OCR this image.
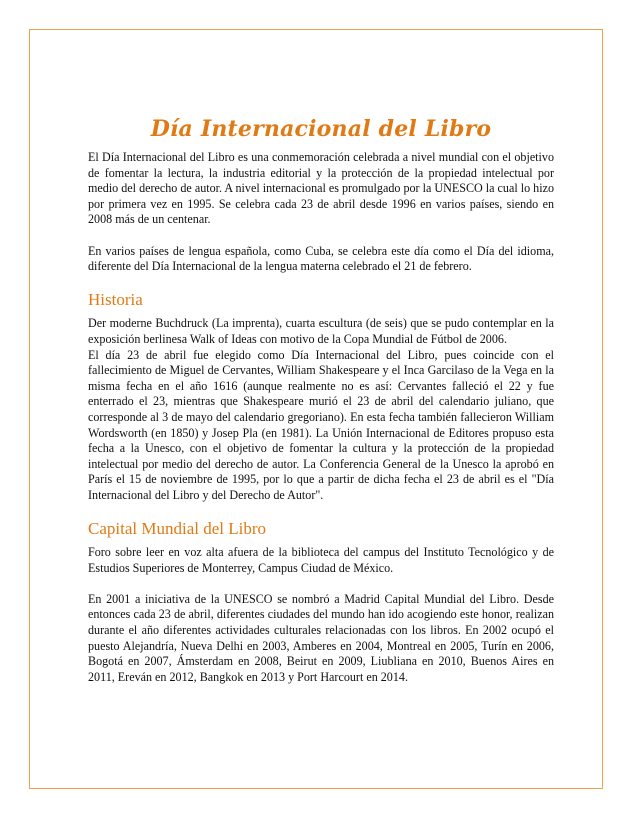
Día Internacional del Libro

El Día Internacional del Libro es una conmemoración celebrada a nivel mundial con el objetivo de fomentar la lectura, la industria editorial y la protección de la propiedad intelectual por medio del derecho de autor. A nivel internacional es promulgado por la UNESCO la cual lo hizo por primera vez en 1995. Se celebra cada 23 de abril desde 1996 en varios países, siendo en 2008 más de un centenar.

En varios países de lengua española, como Cuba, se celebra este día como el Día del idioma, diferente del Día Internacional de la lengua materna celebrado el 21 de febrero.

Historia

Der moderne Buchdruck (La imprenta), cuarta escultura (de seis) que se pudo contemplar en la exposición berlinesa Walk of Ideas con motivo de la Copa Mundial de Fútbol de 2006.

El día 23 de abril fue elegido como Día Internacional del Libro, pues coincide con el fallecimiento de Miguel de Cervantes, William Shakespeare y el Inca Garcilaso de la Vega en la misma fecha en el año 1616 (aunque realmente no es así: Cervantes falleció el 22 y fue enterrado el 23, mientras que Shakespeare murió el 23 de abril del calendario juliano, que corresponde al 3 de mayo del calendario gregoriano). En esta fecha también fallecieron William Wordsworth (en 1850) y Josep Pla (en 1981). La Unión Internacional de Editores propuso esta fecha a la Unesco, con el objetivo de fomentar la cultura y la protección de la propiedad intelectual por medio del derecho de autor. La Conferencia General de la Unesco la aprobó en París el 15 de noviembre de 1995, por lo que a partir de dicha fecha el 23 de abril es el "Día Internacional del Libro y del Derecho de Autor".

Capital Mundial del Libro

Foro sobre leer en voz alta afuera de la biblioteca del campus del Instituto Tecnológico y de Estudios Superiores de Monterrey, Campus Ciudad de México.

En 2001 a iniciativa de la UNESCO se nombró a Madrid Capital Mundial del Libro. Desde entonces cada 23 de abril, diferentes ciudades del mundo han ido acogiendo este honor, realizan durante el año diferentes actividades culturales relacionadas con los libros. En 2002 ocupó el puesto Alejandría, Nueva Delhi en 2003, Amberes en 2004, Montreal en 2005, Turín en 2006, Bogotá en 2007, Ámsterdam en 2008, Beirut en 2009, Liubliana en 2010, Buenos Aires en 2011, Ereván en 2012, Bangkok en 2013 y Port Harcourt en 2014.
